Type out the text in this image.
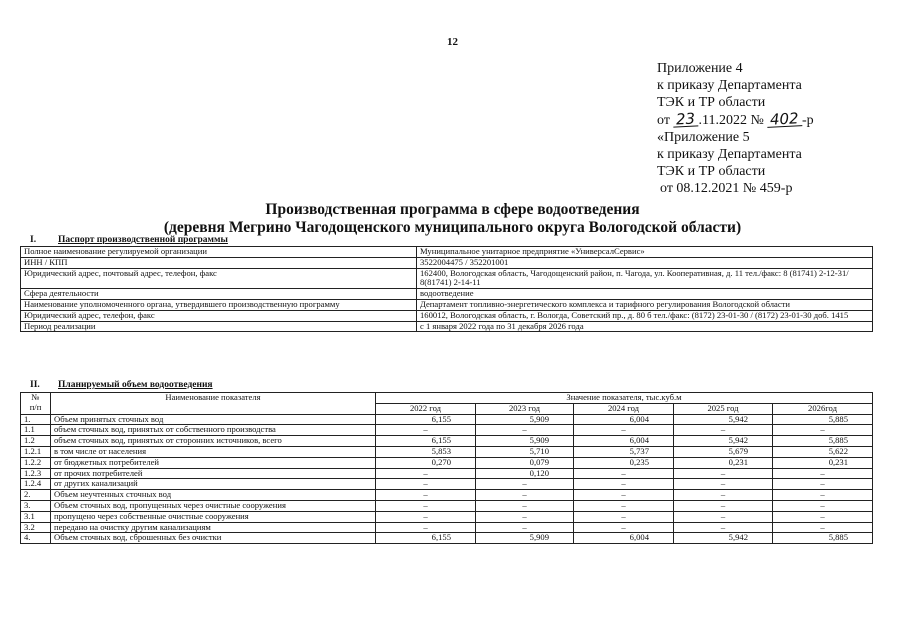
12
Приложение 4
к приказу Департамента
ТЭК и ТР области
от 23 .11.2022 № 402 -р
«Приложение 5
к приказу Департамента
ТЭК и ТР области
от 08.12.2021 № 459-р
Производственная программа в сфере водоотведения
(деревня Мегрино Чагодощенского муниципального округа Вологодской области)
I. Паспорт производственной программы
Полное наименование регулируемой организации	Муниципальное унитарное предприятие «УниверсалСервис»
ИНН / КПП	3522004475 / 352201001
Юридический адрес, почтовый адрес, телефон, факс	162400, Вологодская область, Чагодощенский район, п. Чагода, ул. Кооперативная, д. 11 тел./факс: 8 (81741) 2-12-31/ 8(81741) 2-14-11
Сфера деятельности	водоотведение
Наименование уполномоченного органа, утвердившего производственную программу	Департамент топливно-энергетического комплекса и тарифного регулирования Вологодской области
Юридический адрес, телефон, факс	160012, Вологодская область, г. Вологда, Советский пр., д. 80 б тел./факс: (8172) 23-01-30 / (8172) 23-01-30 доб. 1415
Период реализации	с 1 января 2022 года по 31 декабря 2026 года
II. Планируемый объем водоотведения
№
п/п	Наименование показателя	Значение показателя, тыс.куб.м				
		2022 год	2023 год	2024 год	2025 год	2026год
1.	Объем принятых сточных вод	6,155	5,909	6,004	5,942	5,885
1.1	объем сточных вод, принятых от собственного производства	–	–	–	–	–
1.2	объем сточных вод, принятых от сторонних источников, всего	6,155	5,909	6,004	5,942	5,885
1.2.1	в том числе от населения	5,853	5,710	5,737	5,679	5,622
1.2.2	от бюджетных потребителей	0,270	0,079	0,235	0,231	0,231
1.2.3	от прочих потребителей	–	0,120	–	–	–
1.2.4	от других канализаций	–	–	–	–	–
2.	Объем неучтенных сточных вод	–	–	–	–	–
3.	Объем сточных вод, пропущенных через очистные сооружения	–	–	–	–	–
3.1	пропущено через собственные очистные сооружения	–	–	–	–	–
3.2	передано на очистку другим канализациям	–	–	–	–	–
4.	Объем сточных вод, сброшенных без очистки	6,155	5,909	6,004	5,942	5,885
